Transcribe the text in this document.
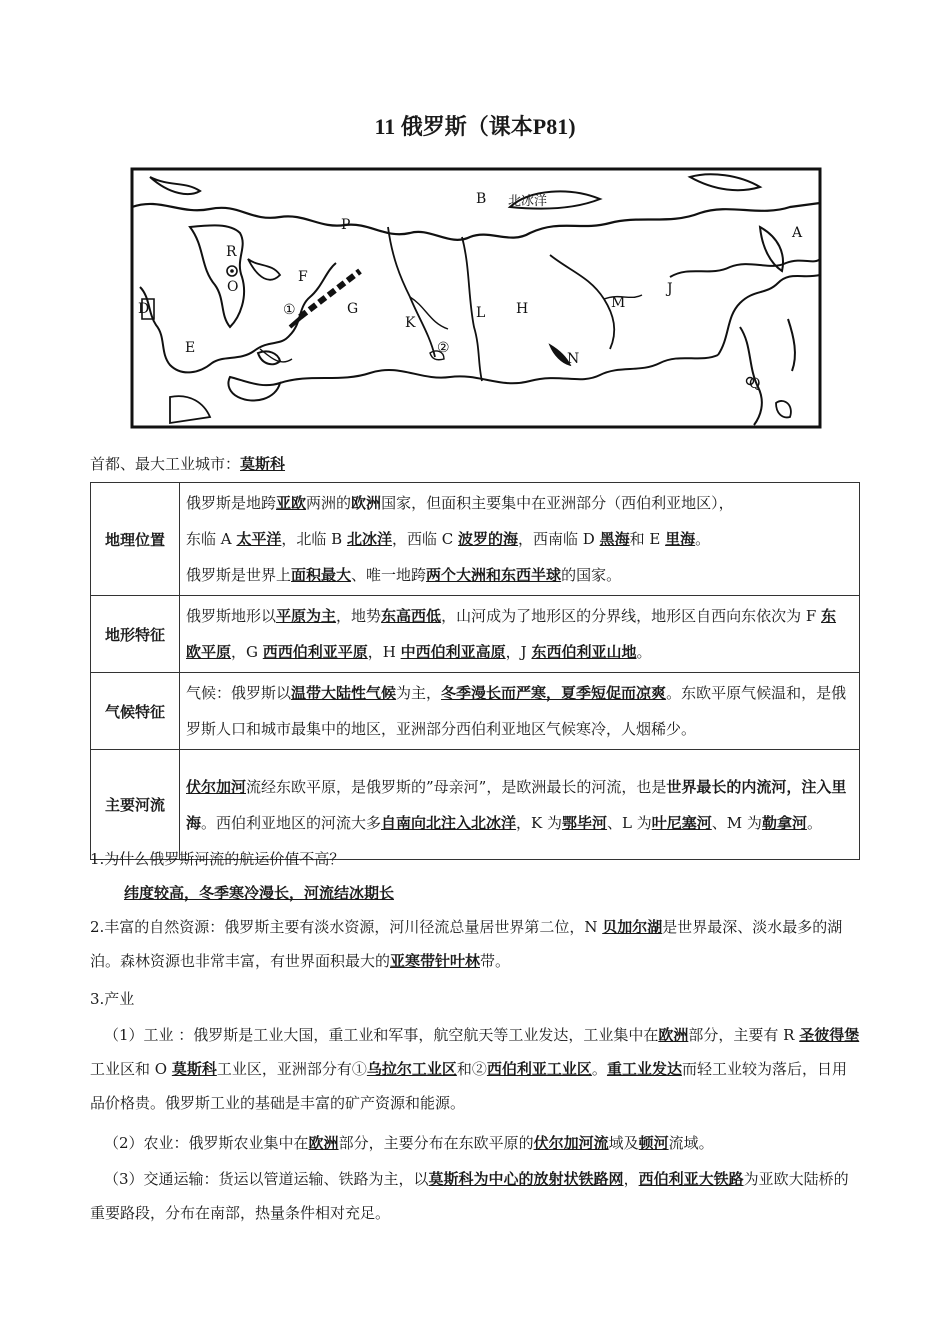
11 俄罗斯（课本P81)
A
B 北冰洋
P
R
O
F
①	G
D
E
K
②
L H	M
J
N
Q
首都、最大工业城市：莫斯科
地理位置	俄罗斯是地跨亚欧两洲的欧洲国家，但面积主要集中在亚洲部分（西伯利亚地区），
东临 A 太平洋，北临 B 北冰洋，西临 C 波罗的海，西南临 D 黑海和 E 里海。
俄罗斯是世界上面积最大、唯一地跨两个大洲和东西半球的国家。

地形特征	俄罗斯地形以平原为主，地势东高西低，山河成为了地形区的分界线，地形区自西向东依次为 F 东欧平原，G 西西伯利亚平原，H 中西伯利亚高原，J 东西伯利亚山地。
气候特征	气候：俄罗斯以温带大陆性气候为主，冬季漫长而严寒，夏季短促而凉爽。东欧平原气候温和，是俄罗斯人口和城市最集中的地区，亚洲部分西伯利亚地区气候寒冷，人烟稀少。
主要河流	伏尔加河流经东欧平原，是俄罗斯的”母亲河”，是欧洲最长的河流，也是世界最长的内流河，注入里海。西伯利亚地区的河流大多自南向北注入北冰洋，K 为鄂毕河、L 为叶尼塞河、M 为勒拿河。
1.为什么俄罗斯河流的航运价值不高？
纬度较高，冬季寒冷漫长，河流结冰期长
2.丰富的自然资源：俄罗斯主要有淡水资源，河川径流总量居世界第二位，N 贝加尔湖是世界最深、淡水最多的湖泊。森林资源也非常丰富，有世界面积最大的亚寒带针叶林带。
3.产业
（1）工业 ：俄罗斯是工业大国，重工业和军事，航空航天等工业发达，工业集中在欧洲部分，主要有 R 圣彼得堡工业区和 O 莫斯科工业区，亚洲部分有①乌拉尔工业区和②西伯利亚工业区。重工业发达而轻工业较为落后，日用品价格贵。俄罗斯工业的基础是丰富的矿产资源和能源。
（2）农业：俄罗斯农业集中在欧洲部分，主要分布在东欧平原的伏尔加河流域及顿河流域。
（3）交通运输：货运以管道运输、铁路为主，以莫斯科为中心的放射状铁路网，西伯利亚大铁路为亚欧大陆桥的重要路段，分布在南部，热量条件相对充足。
